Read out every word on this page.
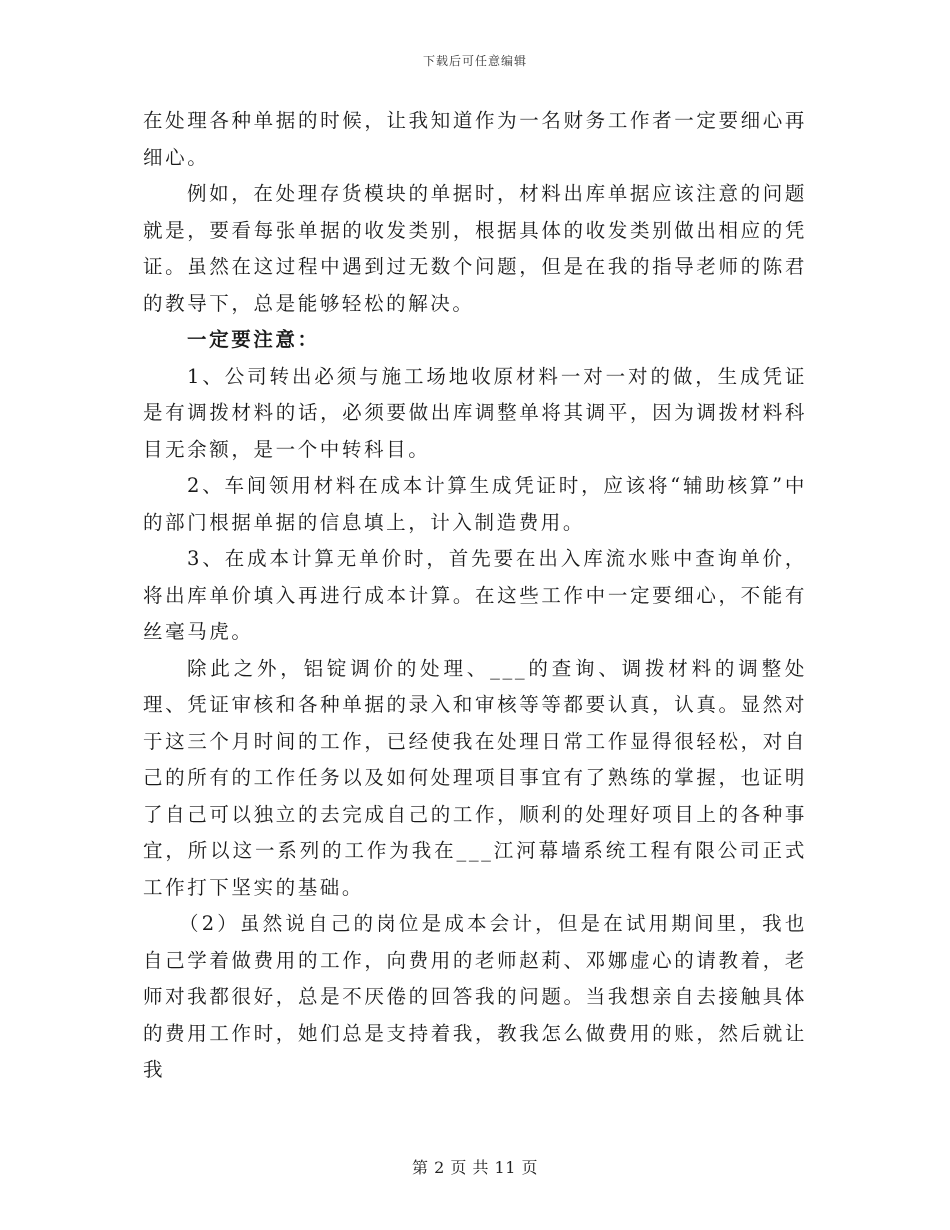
下载后可任意编辑

在处理各种单据的时候，让我知道作为一名财务工作者一定要细心再细心。

例如，在处理存货模块的单据时，材料出库单据应该注意的问题就是，要看每张单据的收发类别，根据具体的收发类别做出相应的凭证。虽然在这过程中遇到过无数个问题，但是在我的指导老师的陈君的教导下，总是能够轻松的解决。

一定要注意：

1、公司转出必须与施工场地收原材料一对一对的做，生成凭证是有调拨材料的话，必须要做出库调整单将其调平，因为调拨材料科目无余额，是一个中转科目。

2、车间领用材料在成本计算生成凭证时，应该将“辅助核算”中的部门根据单据的信息填上，计入制造费用。

3、在成本计算无单价时，首先要在出入库流水账中查询单价，将出库单价填入再进行成本计算。在这些工作中一定要细心，不能有丝毫马虎。

除此之外，铝锭调价的处理、___的查询、调拨材料的调整处理、凭证审核和各种单据的录入和审核等等都要认真，认真。显然对于这三个月时间的工作，已经使我在处理日常工作显得很轻松，对自己的所有的工作任务以及如何处理项目事宜有了熟练的掌握，也证明了自己可以独立的去完成自己的工作，顺利的处理好项目上的各种事宜，所以这一系列的工作为我在___江河幕墙系统工程有限公司正式工作打下坚实的基础。

（2）虽然说自己的岗位是成本会计，但是在试用期间里，我也自己学着做费用的工作，向费用的老师赵莉、邓娜虚心的请教着，老师对我都很好，总是不厌倦的回答我的问题。当我想亲自去接触具体的费用工作时，她们总是支持着我，教我怎么做费用的账，然后就让我

第 2 页 共 11 页
